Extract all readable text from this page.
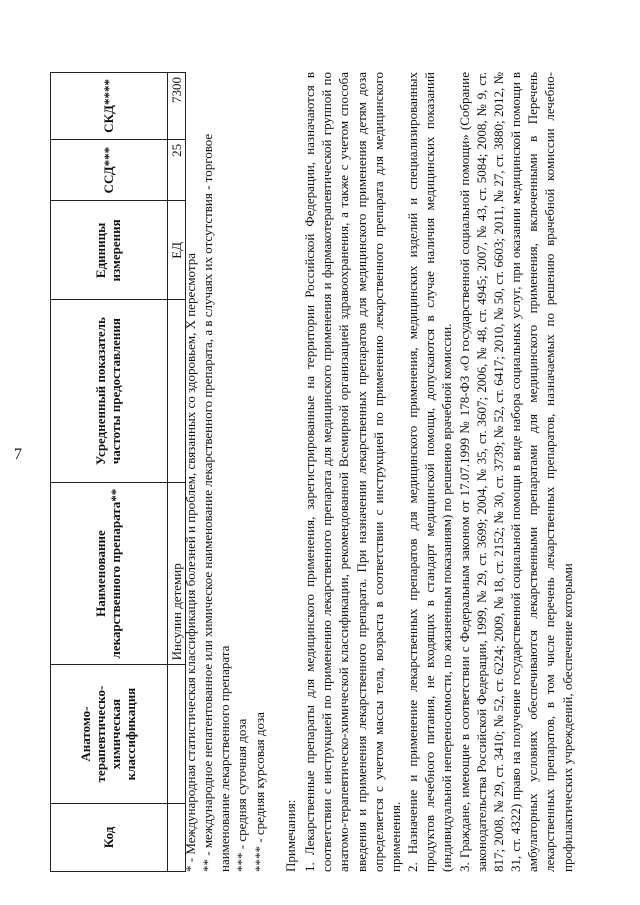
7
Код	Анатомо-терапевтическо-химическая классификация	Наименование лекарственного препарата**	Усредненный показатель частоты предоставления	Единицы измерения	ССД***	СКД****
		Инсулин детемир		ЕД	25	7300

* - Международная статистическая классификация болезней и проблем, связанных со здоровьем, X пересмотра ** - международное непатентованное или химическое наименование лекарственного препарата, а в случаях их отсутствия - торговое наименование лекарственного препарата *** - средняя суточная доза **** - средняя курсовая доза Примечания: 1. Лекарственные препараты для медицинского применения, зарегистрированные на территории Российской Федерации, назначаются в соответствии с инструкцией по применению лекарственного препарата для медицинского применения и фармакотерапевтической группой по анатомо-терапевтическо-химической классификации, рекомендованной Всемирной организацией здравоохранения, а также с учетом способа введения и применения лекарственного препарата. При назначении лекарственных препаратов для медицинского применения детям доза определяется с учетом массы тела, возраста в соответствии с инструкцией по применению лекарственного препарата для медицинского применения. 2. Назначение и применение лекарственных препаратов для медицинского применения, медицинских изделий и специализированных продуктов лечебного питания, не входящих в стандарт медицинской помощи, допускаются в случае наличия медицинских показаний (индивидуальной непереносимости, по жизненным показаниям) по решению врачебной комиссии. 3. Граждане, имеющие в соответствии с Федеральным законом от 17.07.1999 № 178-ФЗ «О государственной социальной помощи» (Собрание законодательства Российской Федерации, 1999, № 29, ст. 3699; 2004, № 35, ст. 3607; 2006, № 48, ст. 4945; 2007, № 43, ст. 5084; 2008, № 9, ст. 817; 2008, № 29, ст. 3410; № 52, ст. 6224; 2009, № 18, ст. 2152; № 30, ст. 3739; № 52, ст. 6417; 2010, № 50, ст. 6603; 2011, № 27, ст. 3880; 2012, № 31, ст. 4322) право на получение государственной социальной помощи в виде набора социальных услуг, при оказании медицинской помощи в амбулаторных условиях обеспечиваются лекарственными препаратами для медицинского применения, включенными в Перечень лекарственных препаратов, в том числе перечень лекарственных препаратов, назначаемых по решению врачебной комиссии лечебно-профилактических учреждений, обеспечение которыми
